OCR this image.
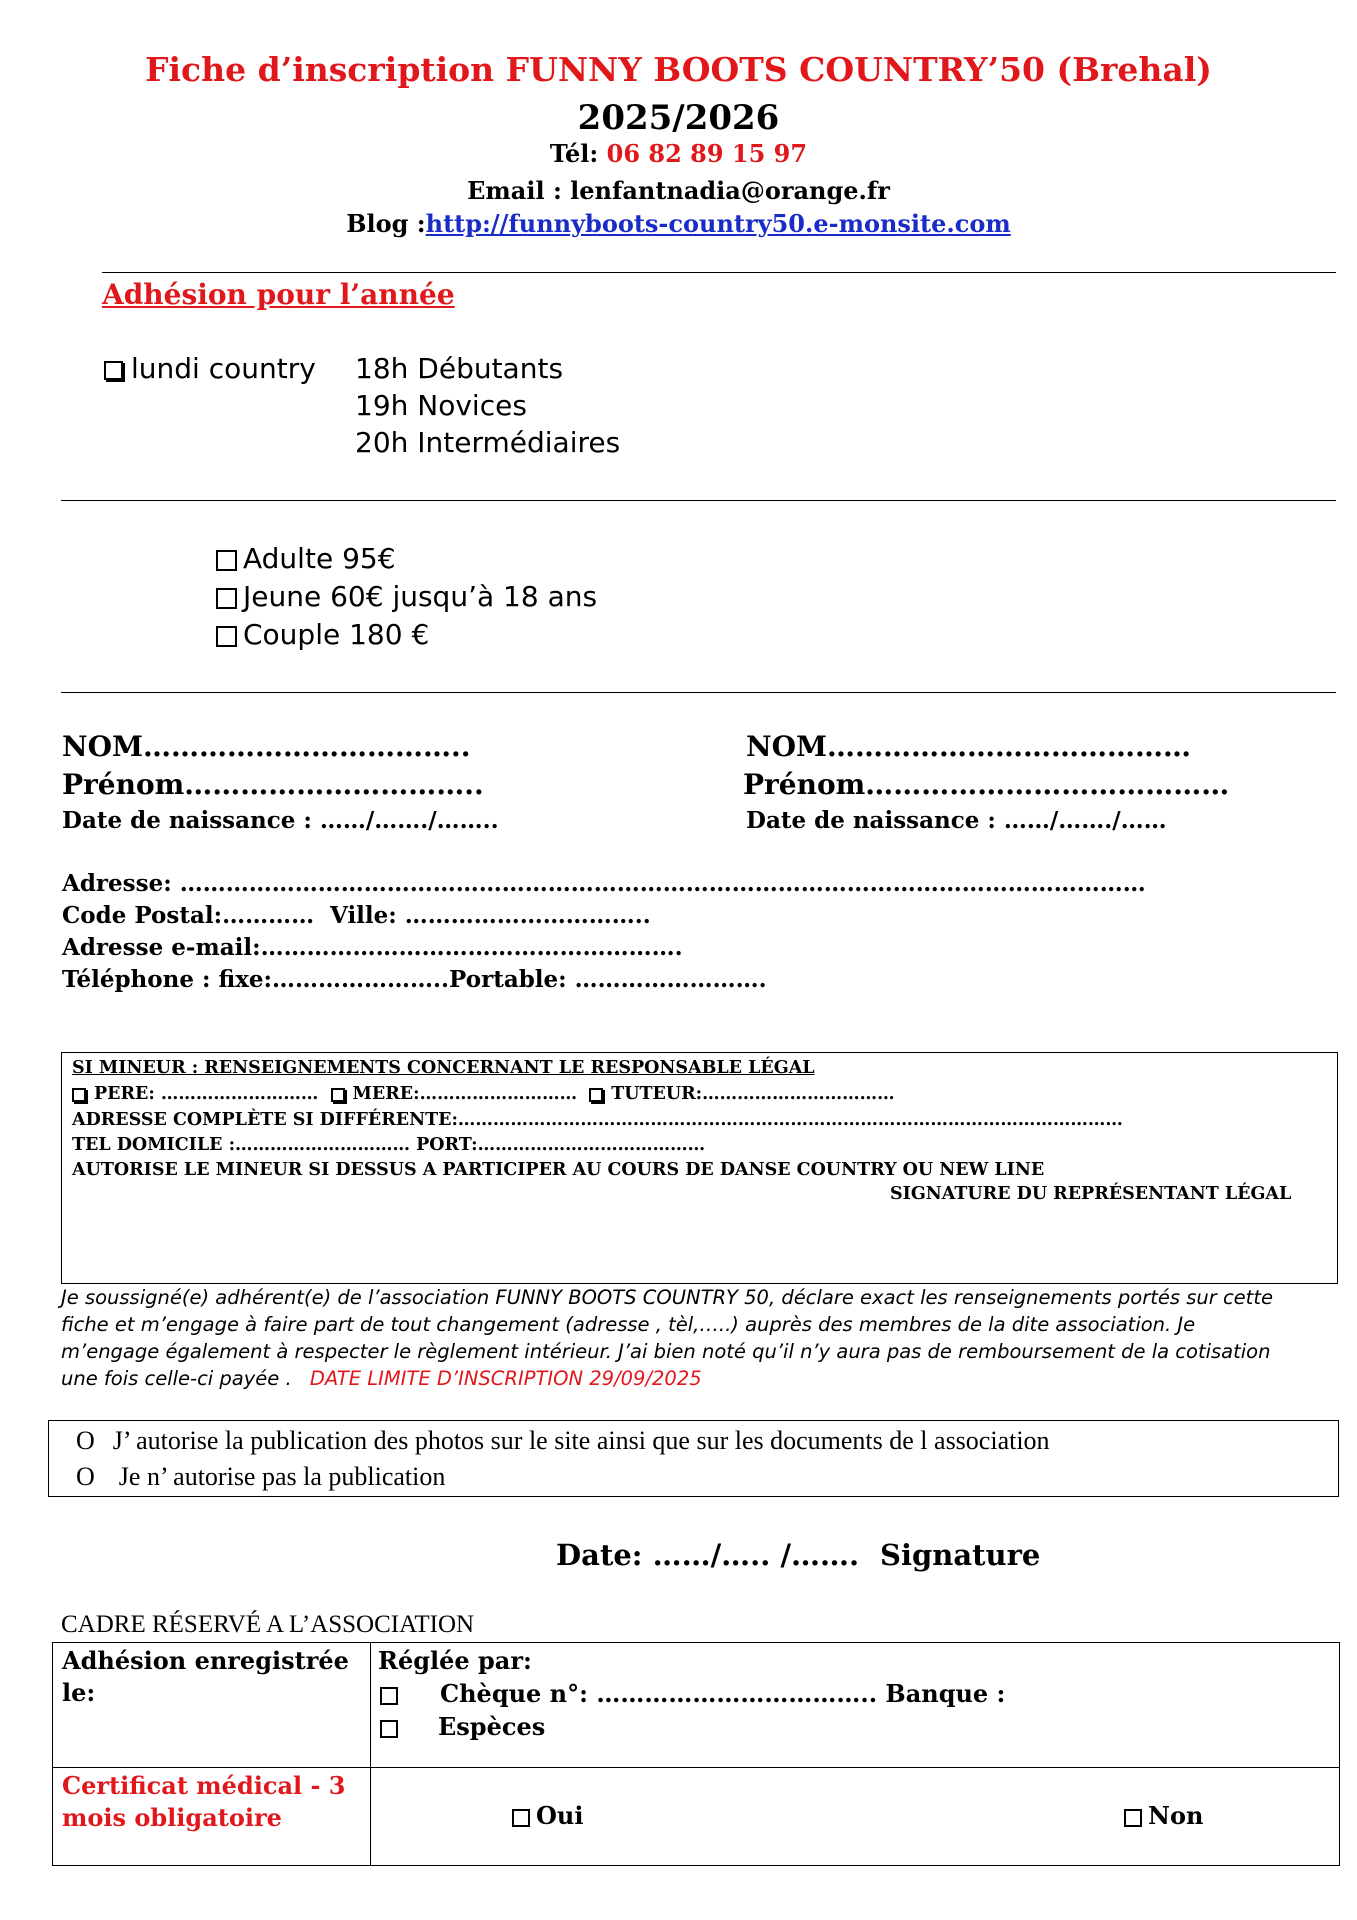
Fiche d’inscription FUNNY BOOTS COUNTRY’50 (Brehal)
2025/2026
Tél: 06 82 89 15 97
Email : lenfantnadia@orange.fr
Blog :http://funnyboots-country50.e-monsite.com
Adhésion pour l’année
lundi country 18h Débutants
19h Novices
20h Intermédiaires
Adulte 95€
Jeune 60€ jusqu’à 18 ans
Couple 180 €
NOM……………………………..
Prénom…………………………..
Date de naissance : ……/……./……..
NOM…………………………………
Prénom…………………………………
Date de naissance : ……/……./……
Adresse: ………………………………………………………………………………………………………………
Code Postal:………… Ville: …………………………..
Adresse e-mail:……………………………………………….
Téléphone : fixe:…………………..Portable: …………………….
SI MINEUR : RENSEIGNEMENTS CONCERNANT LE RESPONSABLE LÉGAL
PERE: ……………………… MERE:……………………… TUTEUR:……………………………
ADRESSE COMPLÈTE SI DIFFÉRENTE:……………………………………………………………………………………………………
TEL DOMICILE :………………………… PORT:…………………………………
AUTORISE LE MINEUR SI DESSUS A PARTICIPER AU COURS DE DANSE COUNTRY OU NEW LINE
SIGNATURE DU REPRÉSENTANT LÉGAL
Je soussigné(e) adhérent(e) de l’association FUNNY BOOTS COUNTRY 50, déclare exact les renseignements portés sur cette
fiche et m’engage à faire part de tout changement (adresse , tèl,…..) auprès des membres de la dite association. Je
m’engage également à respecter le règlement intérieur. J’ai bien noté qu’il n’y aura pas de remboursement de la cotisation
une fois celle-ci payée . DATE LIMITE D’INSCRIPTION 29/09/2025
O J’ autorise la publication des photos sur le site ainsi que sur les documents de l association
O Je n’ autorise pas la publication
Date: ……/….. /……. Signature
CADRE RÉSERVÉ A L’ASSOCIATION
Adhésion enregistrée
le:
Réglée par:
Chèque n°: …………………………….. Banque :
Espèces
Certificat médical - 3
mois obligatoire	Oui	Non
